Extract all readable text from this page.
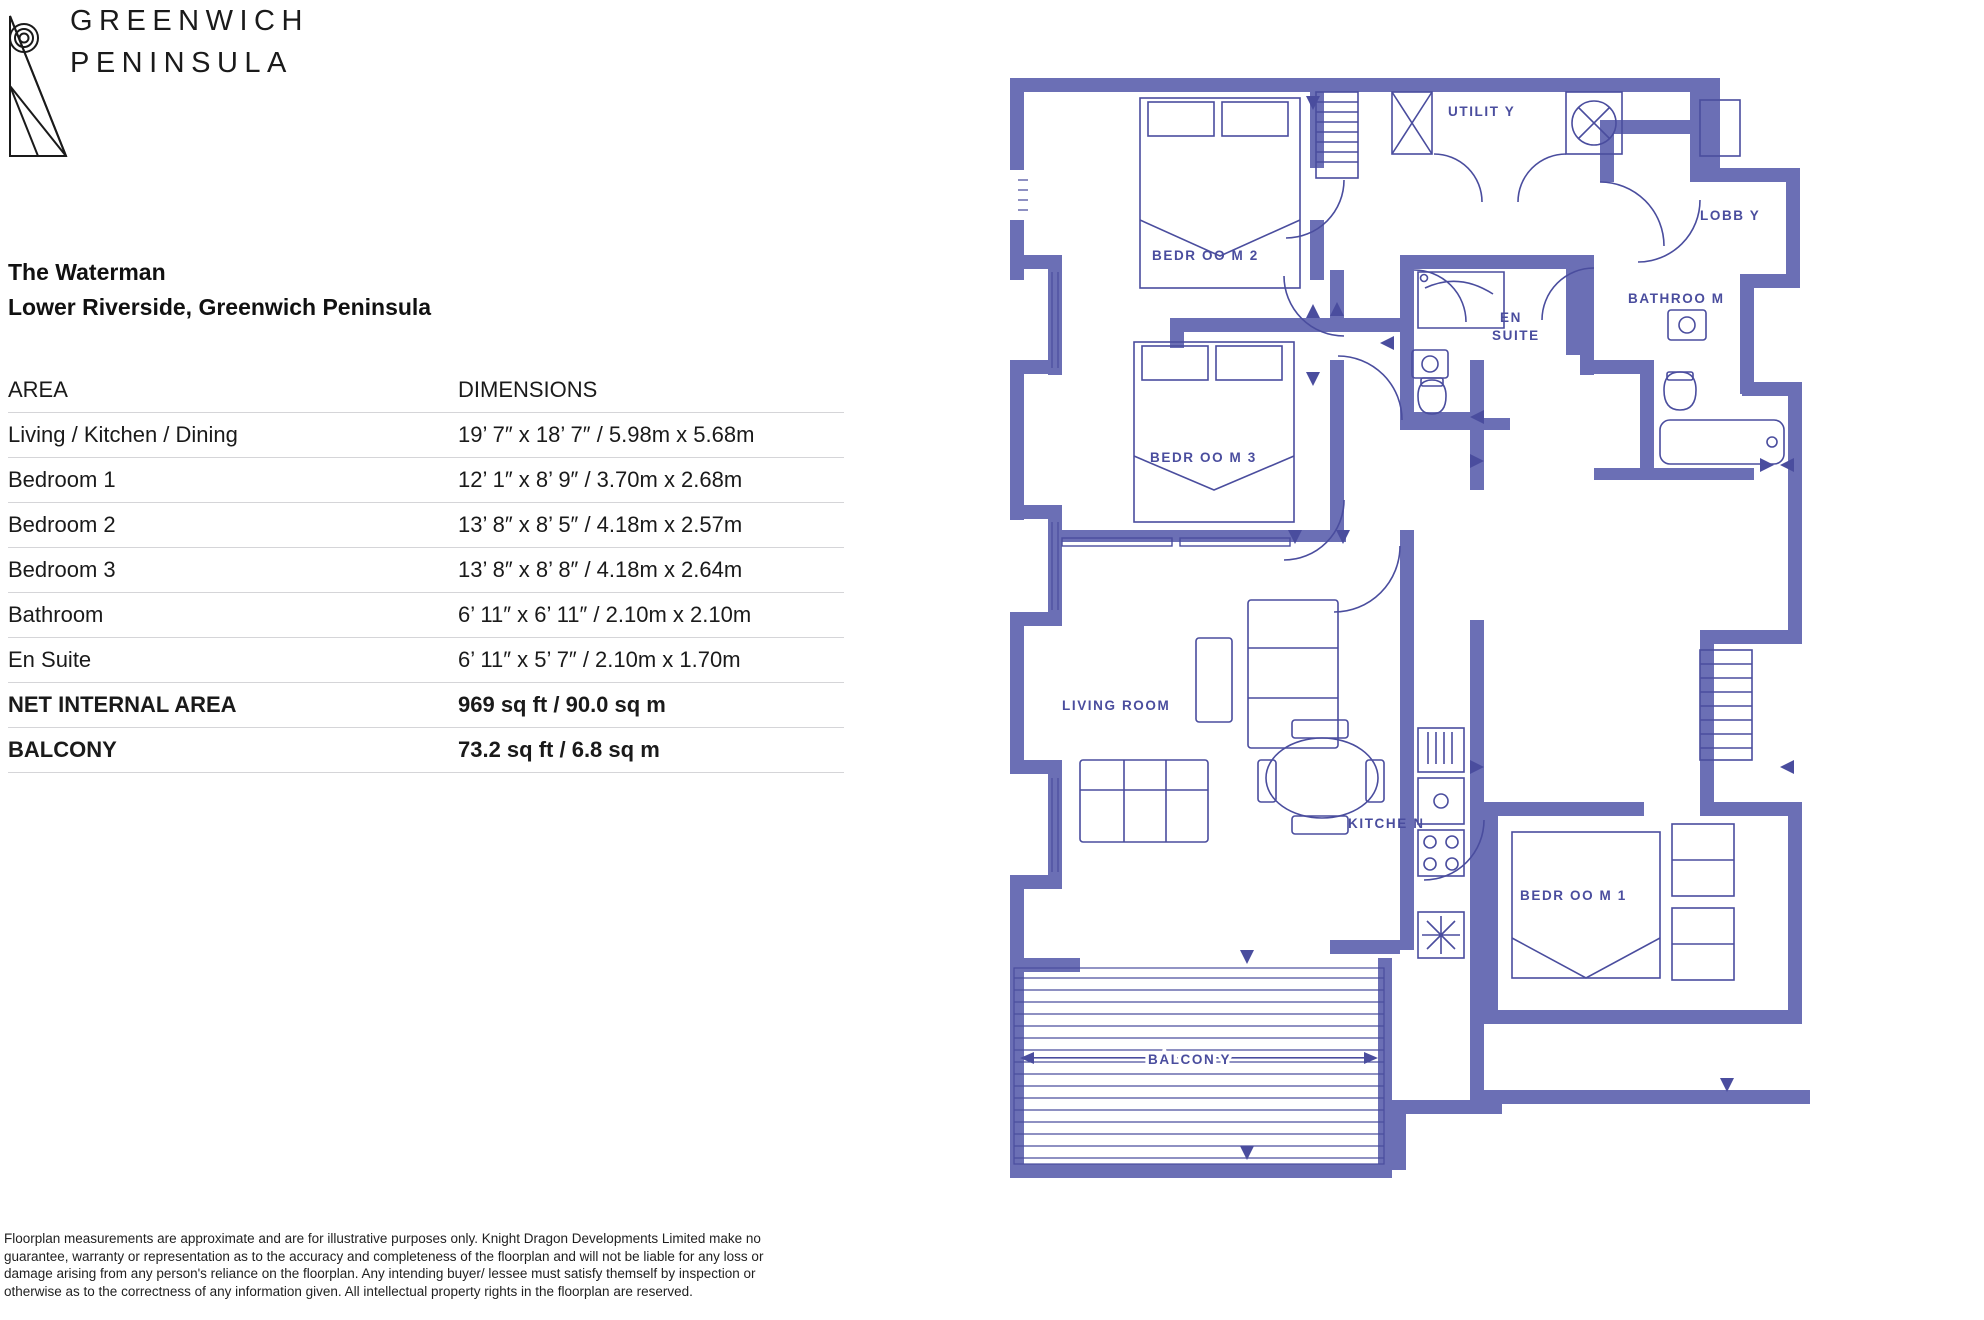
GREENWICH
PENINSULA
The Waterman
Lower Riverside, Greenwich Peninsula
AREA	DIMENSIONS
Living / Kitchen / Dining	19’ 7″ x 18’ 7″ / 5.98m x 5.68m
Bedroom 1	12’ 1″ x 8’ 9″ / 3.70m x 2.68m
Bedroom 2	13’ 8″ x 8’ 5″ / 4.18m x 2.57m
Bedroom 3	13’ 8″ x 8’ 8″ / 4.18m x 2.64m
Bathroom	6’ 11″ x 6’ 11″ / 2.10m x 2.10m
En Suite	6’ 11″ x 5’ 7″ / 2.10m x 1.70m
NET INTERNAL AREA	969 sq ft / 90.0 sq m
BALCONY	73.2 sq ft / 6.8 sq m
Floorplan measurements are approximate and are for illustrative purposes only. Knight Dragon Developments Limited make no guarantee, warranty or representation as to the accuracy and completeness of the floorplan and will not be liable for any loss or damage arising from any person's reliance on the floorplan. Any intending buyer/ lessee must satisfy themself by inspection or otherwise as to the correctness of any information given. All intellectual property rights in the floorplan are reserved.
BEDR OO M 2
BEDR OO M 3
BEDR OO M 1
UTILIT Y
LOBB Y
BATHROO M
EN
SUITE
LIVING ROOM
KITCHE N
BALCON Y
